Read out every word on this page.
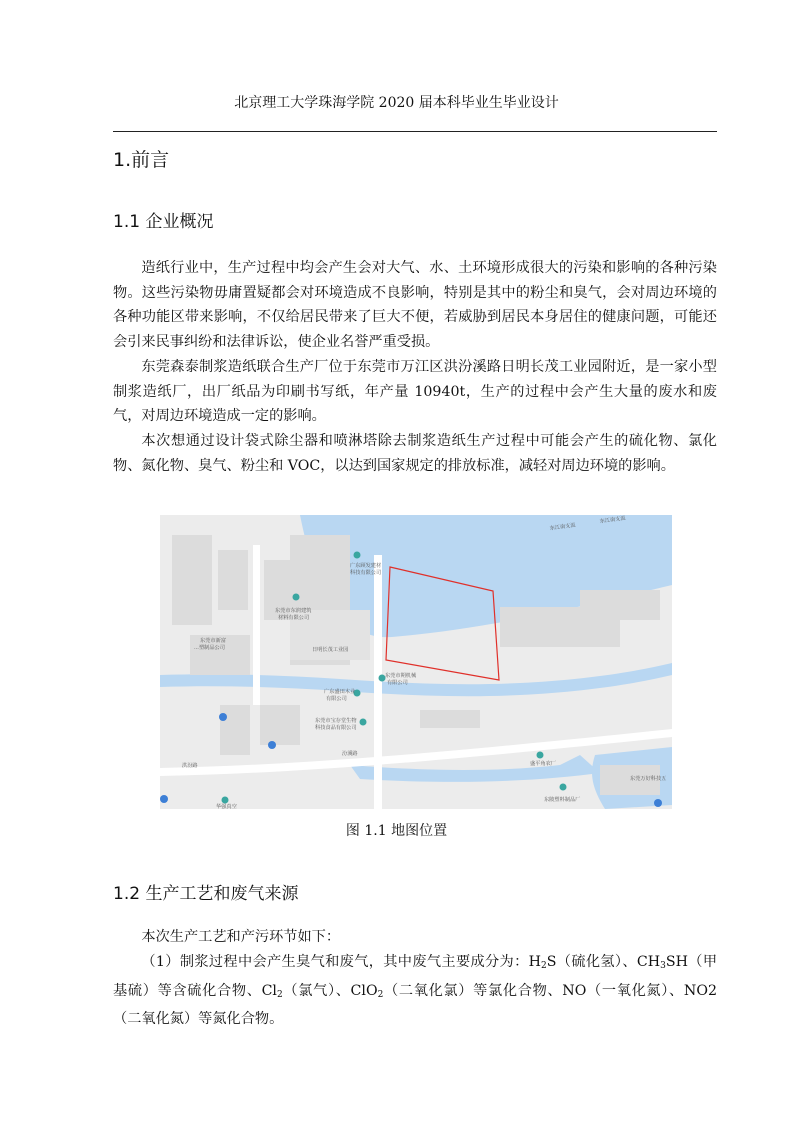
北京理工大学珠海学院 2020 届本科毕业生毕业设计
1.前言
1.1 企业概况

造纸行业中，生产过程中均会产生会对大气、水、土环境形成很大的污染和影响的各种污染物。这些污染物毋庸置疑都会对环境造成不良影响，特别是其中的粉尘和臭气，会对周边环境的各种功能区带来影响，不仅给居民带来了巨大不便，若威胁到居民本身居住的健康问题，可能还会引来民事纠纷和法律诉讼，使企业名誉严重受损。

东莞森泰制浆造纸联合生产厂位于东莞市万江区洪汾溪路日明长茂工业园附近，是一家小型制浆造纸厂，出厂纸品为印刷书写纸，年产量 10940t，生产的过程中会产生大量的废水和废气，对周边环境造成一定的影响。

本次想通过设计袋式除尘器和喷淋塔除去制浆造纸生产过程中可能会产生的硫化物、氯化物、氮化物、臭气、粉尘和 VOC，以达到国家规定的排放标准，减轻对周边环境的影响。

广东顾发建材
科技有限公司
东莞市东润建筑
材料有限公司
东莞市新富
...塑制品公司	日明长茂工业园
东莞市期机械
有限公司
广东盛田木业
有限公司
东莞市宝存堂生物
科技食品有限公司
洪汾路
汾溪路
盛平角农厂
东陂塑料制品厂
东莞万好科技五
华强真空
东江南支流
东江南支流
图 1.1 地图位置
1.2 生产工艺和废气来源

本次生产工艺和产污环节如下：

（1）制浆过程中会产生臭气和废气，其中废气主要成分为：$H_2S$（硫化氢）、$CH_3SH$（甲基硫）等含硫化合物、$Cl_2$（氯气）、ClO$_2$（二氧化氯）等氯化合物、NO（一氧化氮）、NO2（二氧化氮）等氮化合物。
